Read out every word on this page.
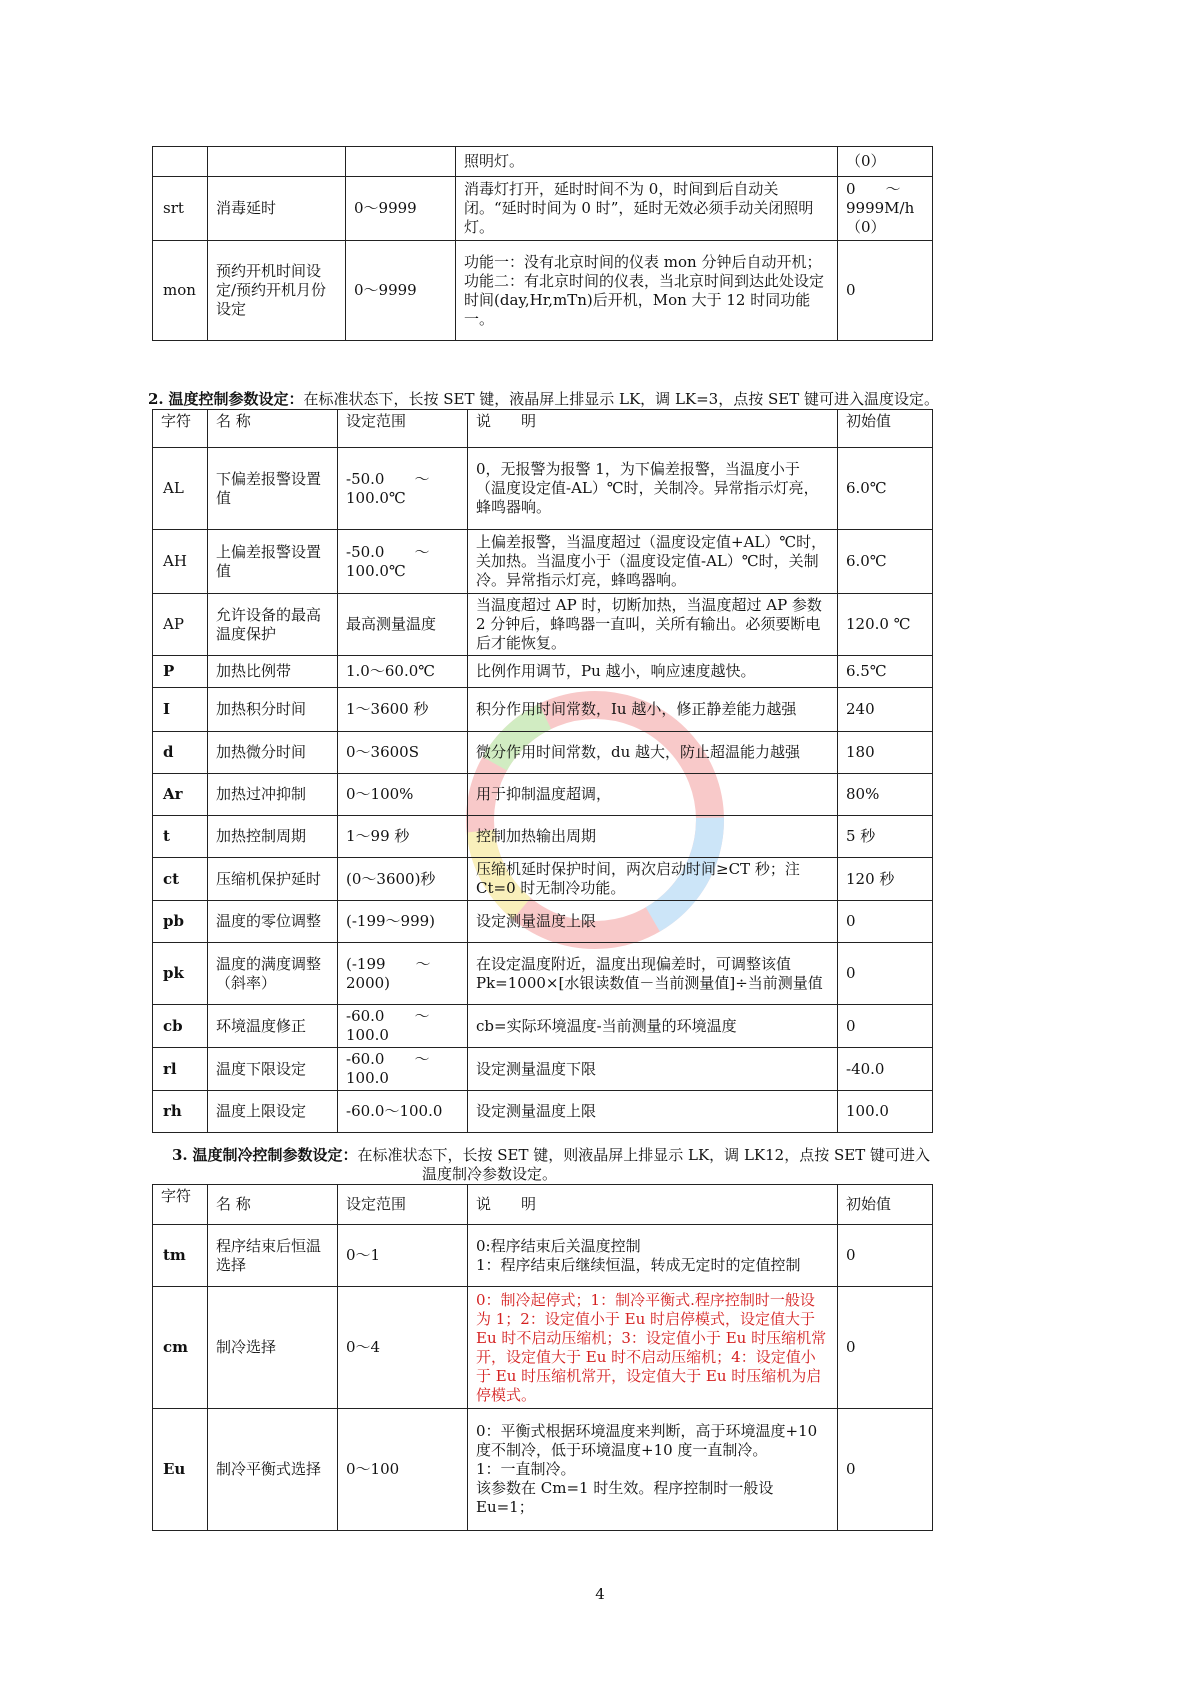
			照明灯。	（0）
srt	消毒延时	0～9999	消毒灯打开，延时时间不为 0，时间到后自动关闭。“延时时间为 0 时”，延时无效必须手动关闭照明灯。	0　　～ 9999M/h （0）
mon	预约开机时间设定/预约开机月份设定	0～9999	功能一：没有北京时间的仪表 mon 分钟后自动开机；
功能二：有北京时间的仪表，当北京时间到达此处设定时间(day,Hr,mTn)后开机，Mon 大于 12 时同功能一。	0
2. 温度控制参数设定：在标准状态下，长按 SET 键，液晶屏上排显示 LK，调 LK=3，点按 SET 键可进入温度设定。
字符	名 称	设定范围	说　　明	初始值
AL	下偏差报警设置值	-50.0　　～ 100.0℃	0，无报警为报警 1，为下偏差报警，当温度小于（温度设定值-AL）℃时，关制冷。异常指示灯亮，蜂鸣器响。	6.0℃
AH	上偏差报警设置值	-50.0　　～ 100.0℃	上偏差报警，当温度超过（温度设定值+AL）℃时，关加热。当温度小于（温度设定值-AL）℃时，关制冷。异常指示灯亮，蜂鸣器响。	6.0℃
AP	允许设备的最高温度保护	最高测量温度	当温度超过 AP 时，切断加热，当温度超过 AP 参数 2 分钟后，蜂鸣器一直叫，关所有输出。必须要断电后才能恢复。	120.0 ℃
P	加热比例带	1.0～60.0℃	比例作用调节，Pu 越小，响应速度越快。	6.5℃
I	加热积分时间	1～3600 秒	积分作用时间常数，Iu 越小，修正静差能力越强	240
d	加热微分时间	0～3600S	微分作用时间常数，du 越大，防止超温能力越强	180
Ar	加热过冲抑制	0～100%	用于抑制温度超调，	80%
t	加热控制周期	1～99 秒	控制加热输出周期	5 秒
ct	压缩机保护延时	(0～3600)秒	压缩机延时保护时间，两次启动时间≥CT 秒；注 Ct=0 时无制冷功能。	120 秒
pb	温度的零位调整	(-199～999)	设定测量温度上限	0
pk	温度的满度调整（斜率）	(-199　　～ 2000)	在设定温度附近，温度出现偏差时，可调整该值 Pk=1000×[水银读数值－当前测量值]÷当前测量值	0
cb	环境温度修正	-60.0　　～ 100.0	cb=实际环境温度-当前测量的环境温度	0
rl	温度下限设定	-60.0　　～ 100.0	设定测量温度下限	-40.0
rh	温度上限设定	-60.0～100.0	设定测量温度上限	100.0
3. 温度制冷控制参数设定：在标准状态下，长按 SET 键，则液晶屏上排显示 LK，调 LK12，点按 SET 键可进入
温度制冷参数设定。
字符	名 称	设定范围	说　　明	初始值
tm	程序结束后恒温选择	0～1	0:程序结束后关温度控制
1：程序结束后继续恒温，转成无定时的定值控制	0
cm	制冷选择	0～4	0：制冷起停式；1：制冷平衡式.程序控制时一般设为 1；2：设定值小于 Eu 时启停模式，设定值大于 Eu 时不启动压缩机；3：设定值小于 Eu 时压缩机常开，设定值大于 Eu 时不启动压缩机；4：设定值小于 Eu 时压缩机常开，设定值大于 Eu 时压缩机为启停模式。	0
Eu	制冷平衡式选择	0～100	0：平衡式根据环境温度来判断，高于环境温度+10 度不制冷，低于环境温度+10 度一直制冷。
1：一直制冷。
该参数在 Cm=1 时生效。程序控制时一般设 Eu=1；	0
4
